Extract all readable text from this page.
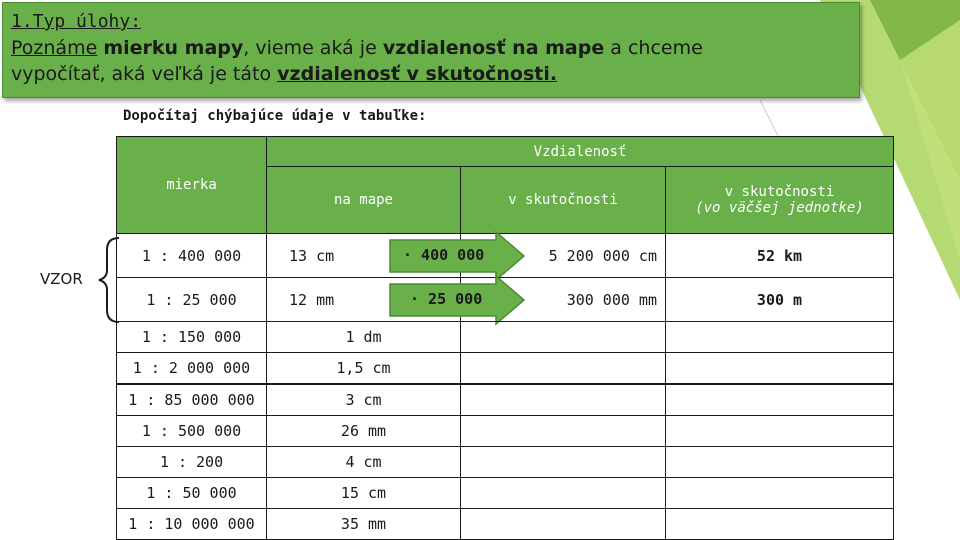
1.Typ úlohy:
Poznáme mierku mapy, vieme aká je vzdialenosť na mape a chceme
vypočítať, aká veľká je táto vzdialenosť v skutočnosti.
Dopočítaj chýbajúce údaje v tabuľke:
Vzdialenosť
mierka
na mape	v skutočnosti	v skutočnosti
(vo väčšej jednotke)
1 : 400 000	13 cm	5 200 000 cm	52 km
· 400 000
1 : 25 000	12 mm	300 000 mm	300 m
· 25 000
1 : 150 000	1 dm
1 : 2 000 000	1,5 cm
1 : 85 000 000	3 cm
1 : 500 000	26 mm
1 : 200	4 cm
1 : 50 000	15 cm
1 : 10 000 000	35 mm
VZOR
